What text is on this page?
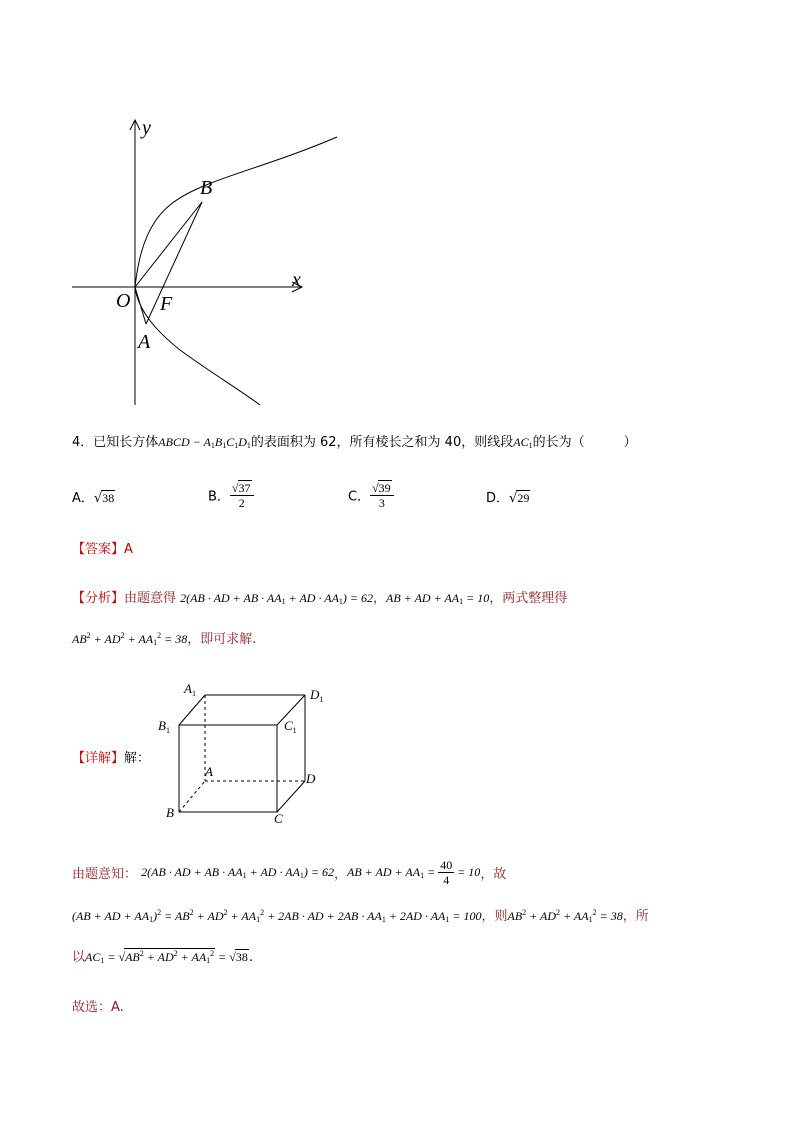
y
x
B
O F
A
4．已知长方体ABCD − $A_1B_1C_1D_1$的表面积为 62，所有棱长之和为 40，则线段$AC_1$的长为（　　　）
A．√38	B． $\frac{√37}{2}$	C． $\frac{√39}{3}$	D．√29
【答案】A
【分析】由题意得 2(AB · AD + AB · $AA_1$ + AD · $AA_1) = 62$，AB + AD + $AA_1 = 10$，两式整理得
$AB^2 + AD^2 + AA_1^2 = 38$，即可求解.
$A_1$	$D_1$
$B_1$	$C_1$
A	D
B	C
【详解】解：
由题意知： 2(AB · AD + AB · $AA_1$ + AD · $AA_1) = 62$，AB + AD + $AA_1 = \frac{40}{4} = 10$，故
(AB + AD + $AA_1)^2 = AB^2 + AD^2 + AA_1^2 + 2AB$ · AD + $2AB \cdot AA_1 + 2AD \cdot AA_1 = 100$，则$AB^2 + AD^2 + AA_1^2 = 38$，所
以$AC_1 = √AB^2 + AD^2 + AA_1^2 = √38$.
故选：A.
